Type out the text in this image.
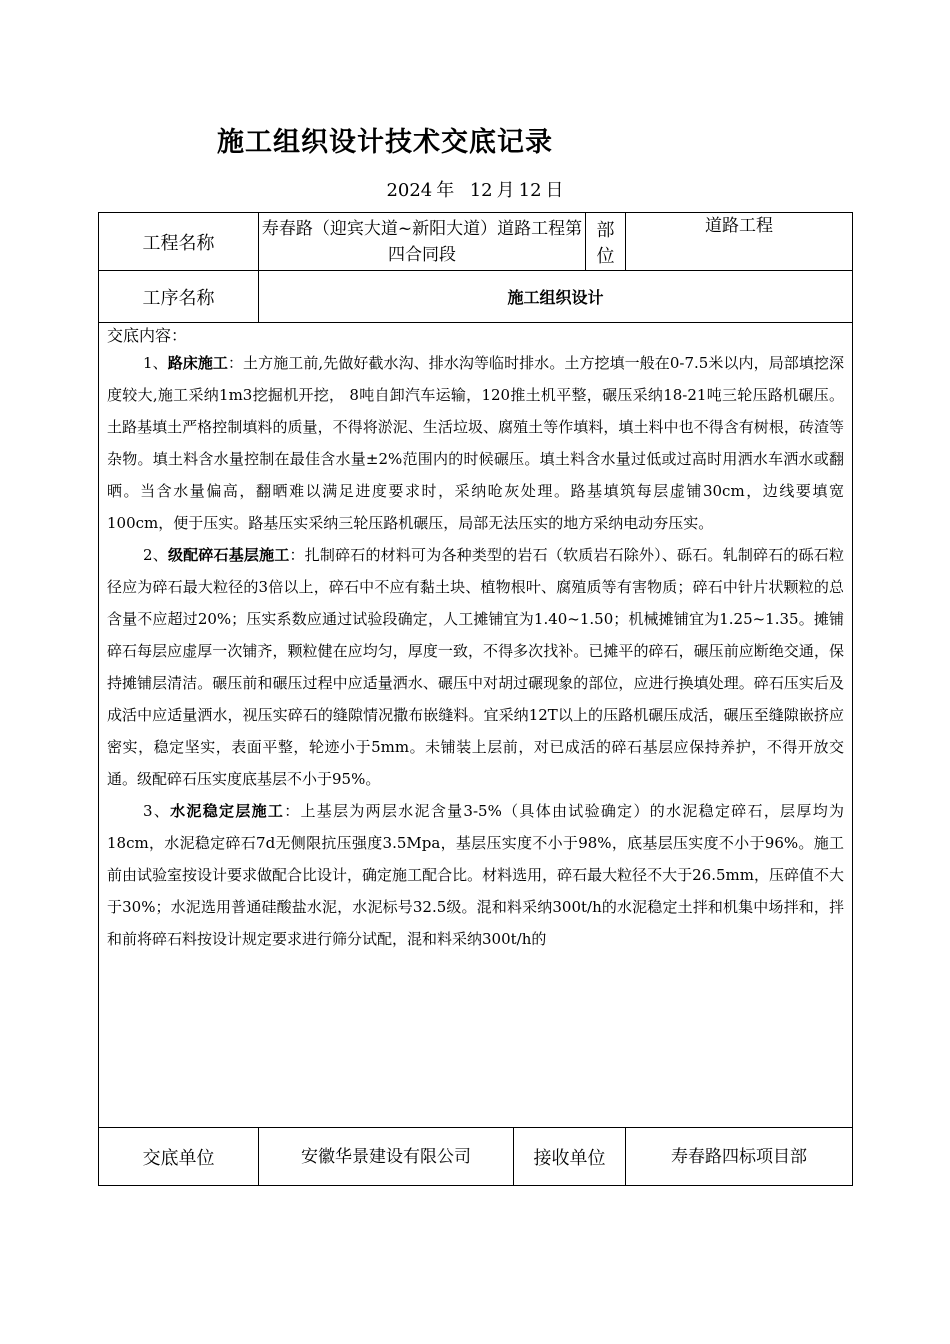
施工组织设计技术交底记录
2024 年 12 月 12 日
工程名称	寿春路（迎宾大道~新阳大道）道路工程第四合同段		部　位	道路工程
工序名称	施工组织设计			

交底内容：

1、路床施工：土方施工前,先做好截水沟、排水沟等临时排水。土方挖填一般在0-7.5米以内，局部填挖深度较大,施工采纳1m3挖掘机开挖， 8吨自卸汽车运输，120推土机平整，碾压采纳18-21吨三轮压路机碾压。土路基填土严格控制填料的质量，不得将淤泥、生活垃圾、腐殖土等作填料，填土料中也不得含有树根，砖渣等杂物。填土料含水量控制在最佳含水量±2%范围内的时候碾压。填土料含水量过低或过高时用洒水车洒水或翻晒。当含水量偏高，翻晒难以满足进度要求时，采纳呛灰处理。路基填筑每层虚铺30cm，边线要填宽100cm，便于压实。路基压实采纳三轮压路机碾压，局部无法压实的地方采纳电动夯压实。

2、级配碎石基层施工：扎制碎石的材料可为各种类型的岩石（软质岩石除外）、砾石。轧制碎石的砾石粒径应为碎石最大粒径的3倍以上，碎石中不应有黏土块、植物根叶、腐殖质等有害物质；碎石中针片状颗粒的总含量不应超过20%；压实系数应通过试验段确定，人工摊铺宜为1.40~1.50；机械摊铺宜为1.25~1.35。摊铺碎石每层应虚厚一次铺齐，颗粒健在应均匀，厚度一致，不得多次找补。已摊平的碎石，碾压前应断绝交通，保持摊铺层清洁。碾压前和碾压过程中应适量洒水、碾压中对胡过碾现象的部位，应进行换填处理。碎石压实后及成活中应适量洒水，视压实碎石的缝隙情况撒布嵌缝料。宜采纳12T以上的压路机碾压成活，碾压至缝隙嵌挤应密实，稳定坚实，表面平整，轮迹小于5mm。未铺装上层前，对已成活的碎石基层应保持养护，不得开放交通。级配碎石压实度底基层不小于95%。

3、水泥稳定层施工：上基层为两层水泥含量3-5%（具体由试验确定）的水泥稳定碎石，层厚均为18cm，水泥稳定碎石7d无侧限抗压强度3.5Mpa，基层压实度不小于98%，底基层压实度不小于96%。施工前由试验室按设计要求做配合比设计，确定施工配合比。材料选用，碎石最大粒径不大于26.5mm，压碎值不大于30%；水泥选用普通硅酸盐水泥，水泥标号32.5级。混和料采纳300t/h的水泥稳定土拌和机集中场拌和，拌和前将碎石料按设计规定要求进行筛分试配，混和料采纳300t/h的				

交底单位	安徽华景建设有限公司	接收单位		寿春路四标项目部
